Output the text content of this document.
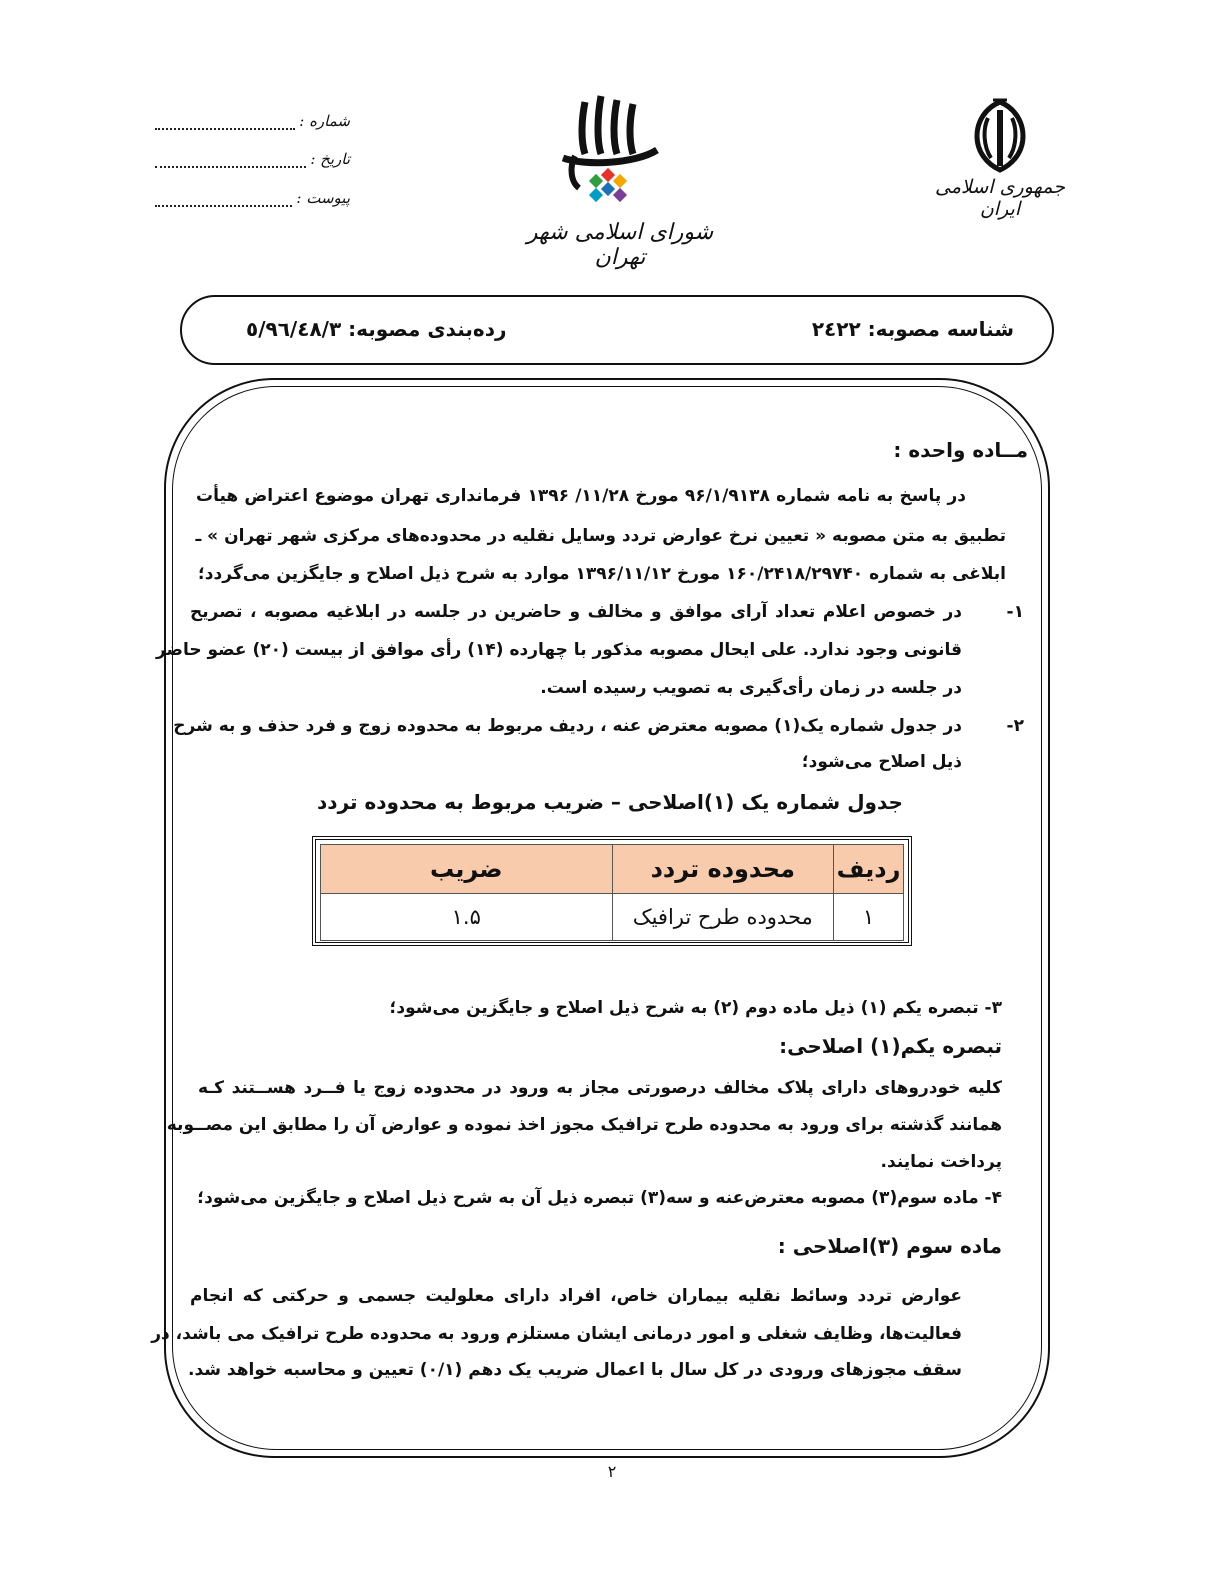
جمهوری اسلامی ایران
شورای اسلامی شهر تهران
شماره :
تاریخ :
پیوست :
شناسه مصوبه: ۲٤۲۲
رده‌بندی مصوبه: ٥/۹٦/٤۸/۳
مــاده واحده :
در پاسخ به نامه شماره ۹۶/۱/۹۱۳۸ مورخ ۱۱/۲۸/ ۱۳۹۶ فرمانداری تهران موضوع اعتراض هیأت
تطبیق به متن مصوبه « تعیین نرخ عوارض تردد وسایل نقلیه در محدوده‌های مرکزی شهر تهران » ـ
ابلاغی به شماره ۱۶۰/۲۴۱۸/۲۹۷۴۰ مورخ ۱۳۹۶/۱۱/۱۲ موارد به شرح ذیل اصلاح و جایگزین می‌گردد؛
۱-
در خصوص اعلام تعداد آرای موافق و مخالف و حاضرین در جلسه در ابلاغیه مصوبه ، تصریح
قانونی وجود ندارد. علی ایحال مصوبه مذکور با چهارده (۱۴) رأی موافق از بیست (۲۰) عضو حاضر
در جلسه در زمان رأی‌گیری به تصویب رسیده است.
۲-
در جدول شماره یک(۱) مصوبه معترض عنه ، ردیف مربوط به محدوده زوج و فرد حذف و به شرح
ذیل اصلاح می‌شود؛
جدول شماره یک (۱)اصلاحی – ضریب مربوط به محدوده تردد
ردیف	محدوده تردد	ضریب
۱	محدوده طرح ترافیک	۱.۵
۳- تبصره یکم (۱) ذیل ماده دوم (۲) به شرح ذیل اصلاح و جایگزین می‌شود؛
تبصره یکم(۱) اصلاحی:
کلیه خودروهای دارای پلاک مخالف درصورتی مجاز به ورود در محدوده زوج یا فــرد هســتند کـه
همانند گذشته برای ورود به محدوده طرح ترافیک مجوز اخذ نموده و عوارض آن را مطابق این مصــوبه
پرداخت نمایند.
۴- ماده سوم(۳) مصوبه معترض‌عنه و سه(۳) تبصره ذیل آن به شرح ذیل اصلاح و جایگزین می‌شود؛
ماده سوم (۳)اصلاحی :
عوارض تردد وسائط نقلیه بیماران خاص، افراد دارای معلولیت جسمی و حرکتی که انجام
فعالیت‌ها، وظایف شغلی و امور درمانی ایشان مستلزم ورود به محدوده طرح ترافیک می باشد، در
سقف مجوزهای ورودی در کل سال با اعمال ضریب یک دهم (۰/۱) تعیین و محاسبه خواهد شد.
۲
